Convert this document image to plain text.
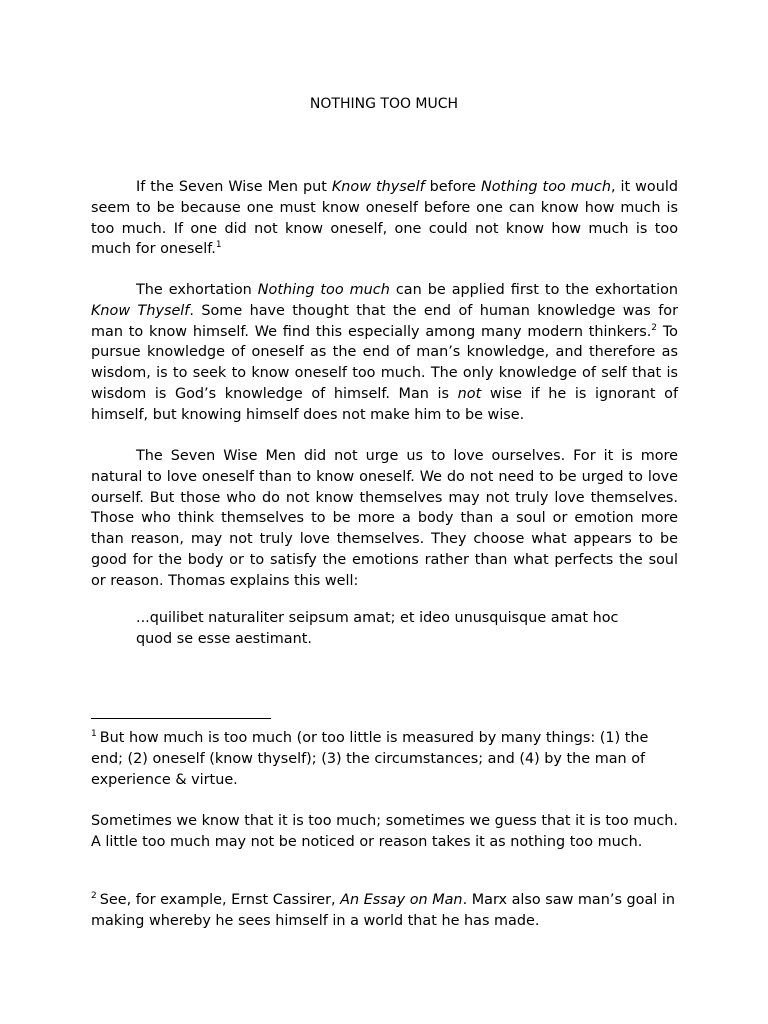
NOTHING TOO MUCH

If the Seven Wise Men put Know thyself before Nothing too much, it would seem to be because one must know oneself before one can know how much is too much. If one did not know oneself, one could not know how much is too much for oneself.$^1$

The exhortation Nothing too much can be applied first to the exhortation Know Thyself. Some have thought that the end of human knowledge was for man to know himself. We find this especially among many modern thinkers.$^2$ To pursue knowledge of oneself as the end of man’s knowledge, and therefore as wisdom, is to seek to know oneself too much. The only knowledge of self that is wisdom is God’s knowledge of himself. Man is not wise if he is ignorant of himself, but knowing himself does not make him to be wise.

The Seven Wise Men did not urge us to love ourselves. For it is more natural to love oneself than to know oneself. We do not need to be urged to love ourself. But those who do not know themselves may not truly love themselves. Those who think themselves to be more a body than a soul or emotion more than reason, may not truly love themselves. They choose what appears to be good for the body or to satisfy the emotions rather than what perfects the soul or reason. Thomas explains this well:

...quilibet naturaliter seipsum amat; et ideo unusquisque amat hoc
quod se esse aestimant.

$^1$ But how much is too much (or too little is measured by many things: (1) the end; (2) oneself (know thyself); (3) the circumstances; and (4) by the man of experience & virtue.

Sometimes we know that it is too much; sometimes we guess that it is too much. A little too much may not be noticed or reason takes it as nothing too much.

$^2$ See, for example, Ernst Cassirer, An Essay on Man. Marx also saw man’s goal in making whereby he sees himself in a world that he has made.
